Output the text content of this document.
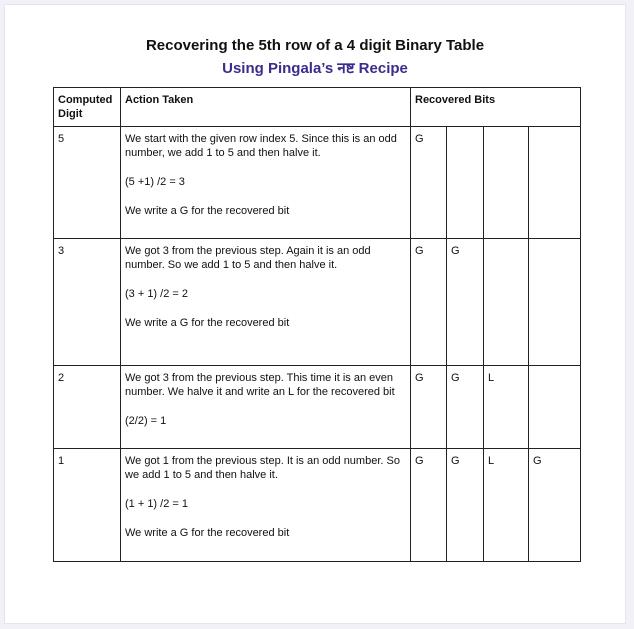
Recovering the 5th row of a 4 digit Binary Table
Using Pingala’s नष्ट Recipe
Computed Digit	Action Taken	Recovered Bits			
5	We start with the given row index 5. Since this is an odd number, we add 1 to 5 and then halve it.

(5 +1) /2 = 3

We write a G for the recovered bit	G			
3	We got 3 from the previous step. Again it is an odd number. So we add 1 to 5 and then halve it.

(3 + 1) /2 = 2

We write a G for the recovered bit	G	G		
2	We got 3 from the previous step. This time it is an even number. We halve it and write an L for the recovered bit

(2/2) = 1	G	G	L	
1	We got 1 from the previous step. It is an odd number. So we add 1 to 5 and then halve it.

(1 + 1) /2 = 1

We write a G for the recovered bit	G	G	L	G
